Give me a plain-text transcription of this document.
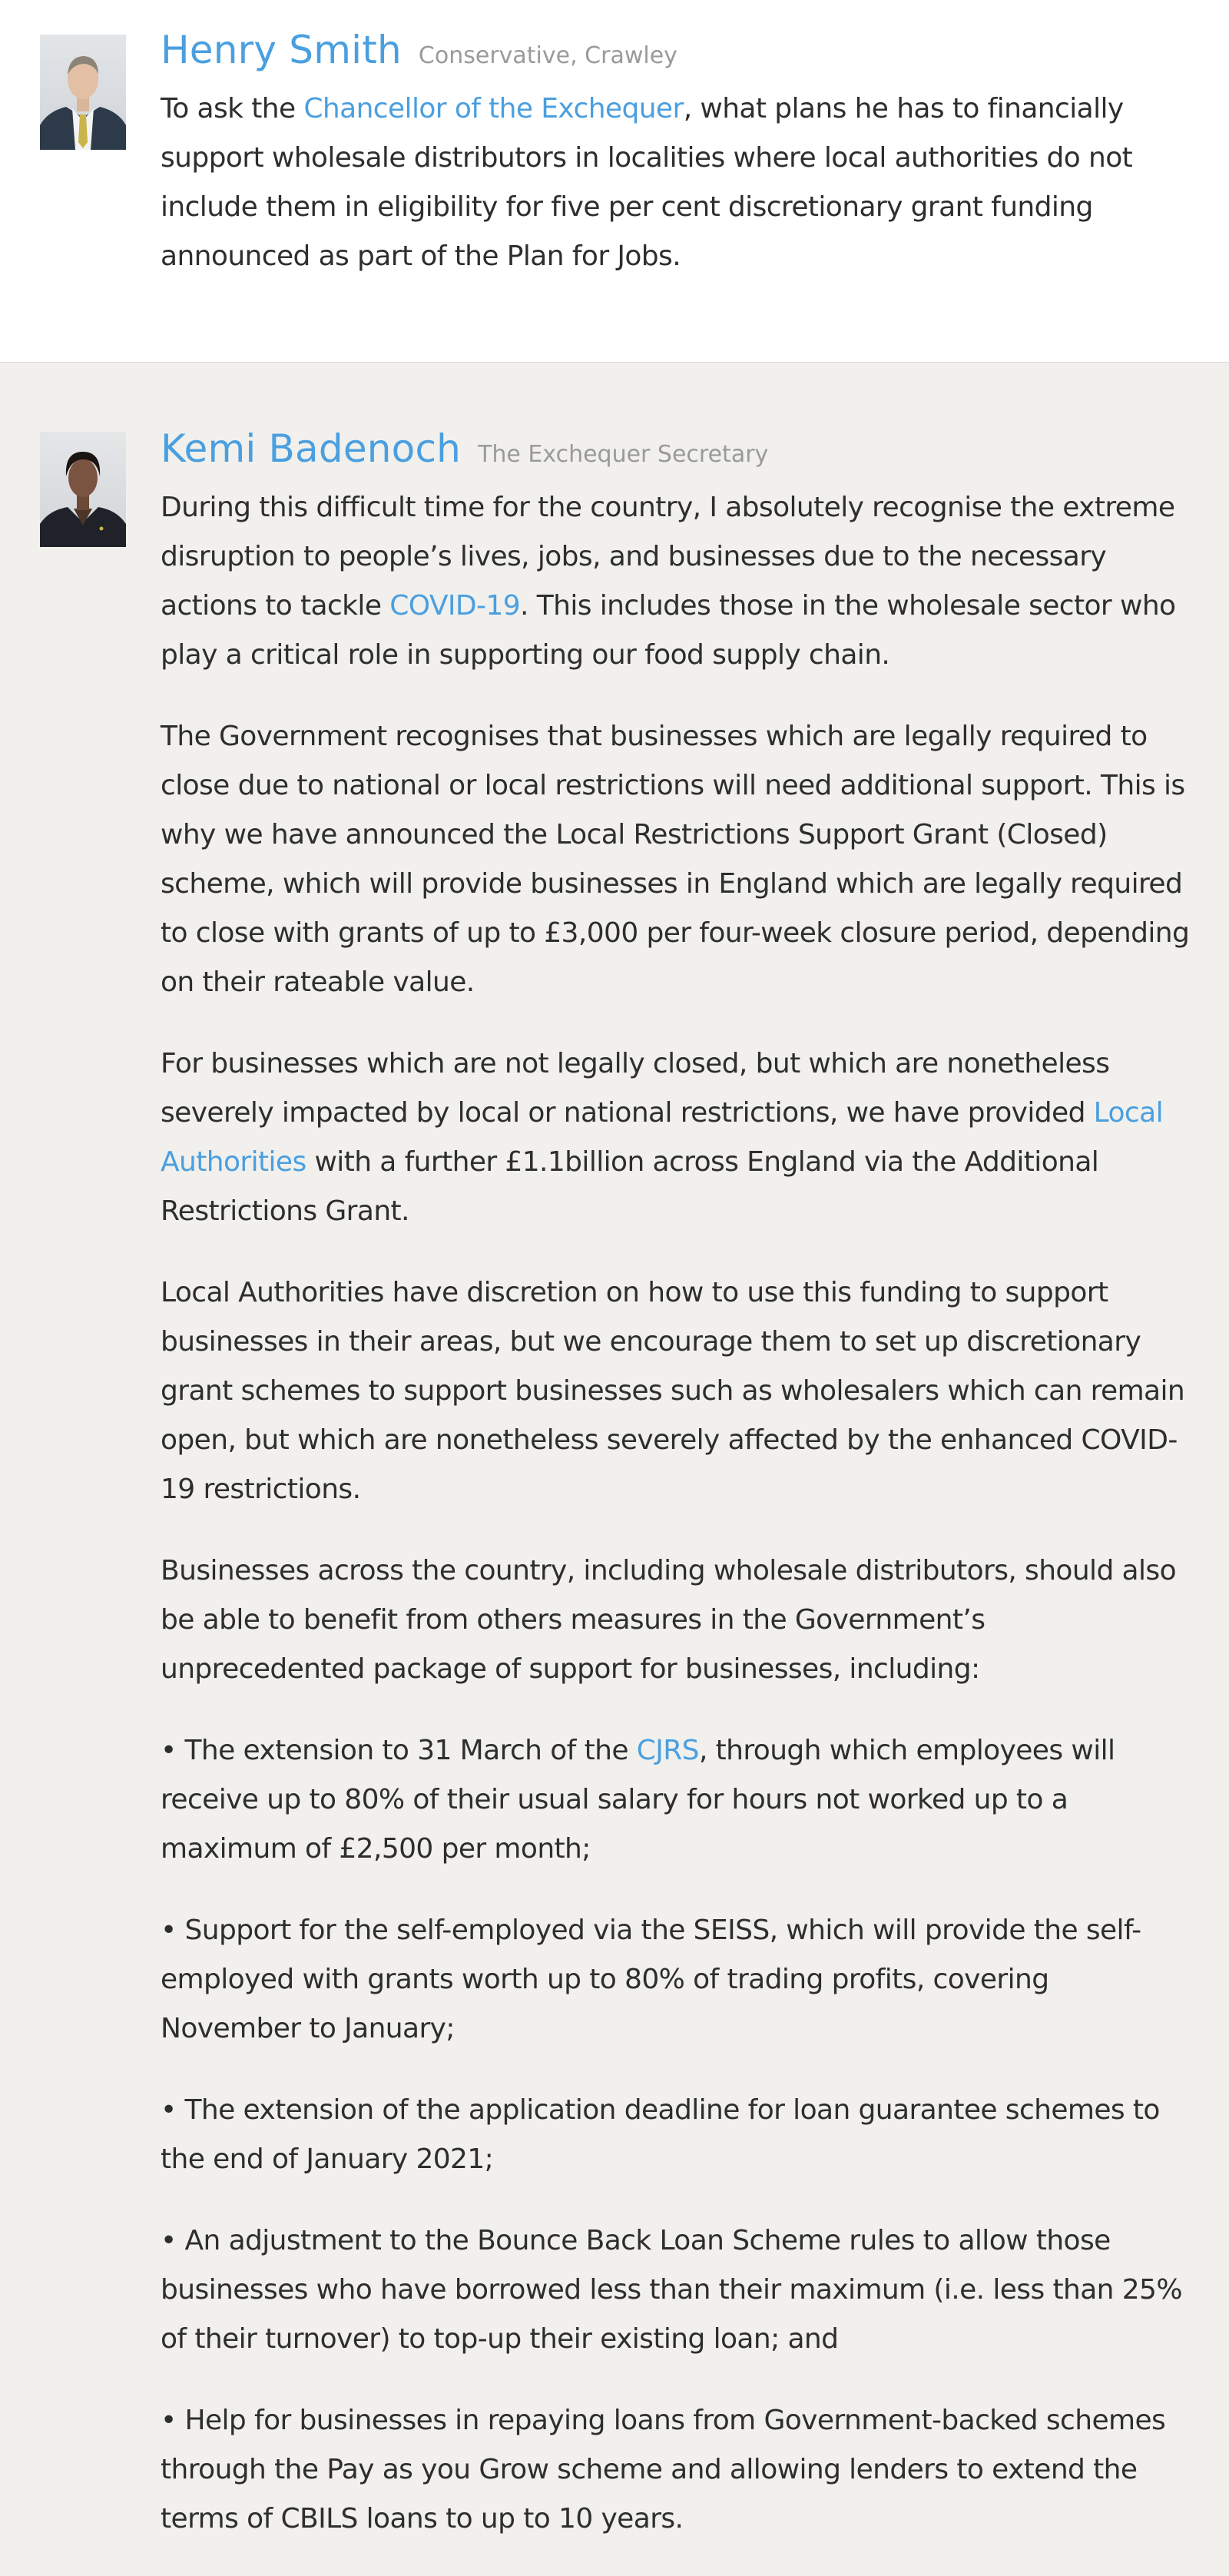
Henry Smith Conservative, Crawley

To ask the Chancellor of the Exchequer, what plans he has to financially support wholesale distributors in localities where local authorities do not include them in eligibility for five per cent discretionary grant funding announced as part of the Plan for Jobs.

Kemi Badenoch The Exchequer Secretary

During this difficult time for the country, I absolutely recognise the extreme disruption to people’s lives, jobs, and businesses due to the necessary actions to tackle COVID-19. This includes those in the wholesale sector who play a critical role in supporting our food supply chain.

The Government recognises that businesses which are legally required to close due to national or local restrictions will need additional support. This is why we have announced the Local Restrictions Support Grant (Closed) scheme, which will provide businesses in England which are legally required to close with grants of up to £3,000 per four-week closure period, depending on their rateable value.

For businesses which are not legally closed, but which are nonetheless severely impacted by local or national restrictions, we have provided Local Authorities with a further £1.1billion across England via the Additional Restrictions Grant.

Local Authorities have discretion on how to use this funding to support businesses in their areas, but we encourage them to set up discretionary grant schemes to support businesses such as wholesalers which can remain open, but which are nonetheless severely affected by the enhanced COVID-19 restrictions.

Businesses across the country, including wholesale distributors, should also be able to benefit from others measures in the Government’s unprecedented package of support for businesses, including:

• The extension to 31 March of the CJRS, through which employees will receive up to 80% of their usual salary for hours not worked up to a maximum of £2,500 per month;

• Support for the self-employed via the SEISS, which will provide the self-employed with grants worth up to 80% of trading profits, covering November to January;

• The extension of the application deadline for loan guarantee schemes to the end of January 2021;

• An adjustment to the Bounce Back Loan Scheme rules to allow those businesses who have borrowed less than their maximum (i.e. less than 25% of their turnover) to top-up their existing loan; and

• Help for businesses in repaying loans from Government-backed schemes through the Pay as you Grow scheme and allowing lenders to extend the terms of CBILS loans to up to 10 years.
